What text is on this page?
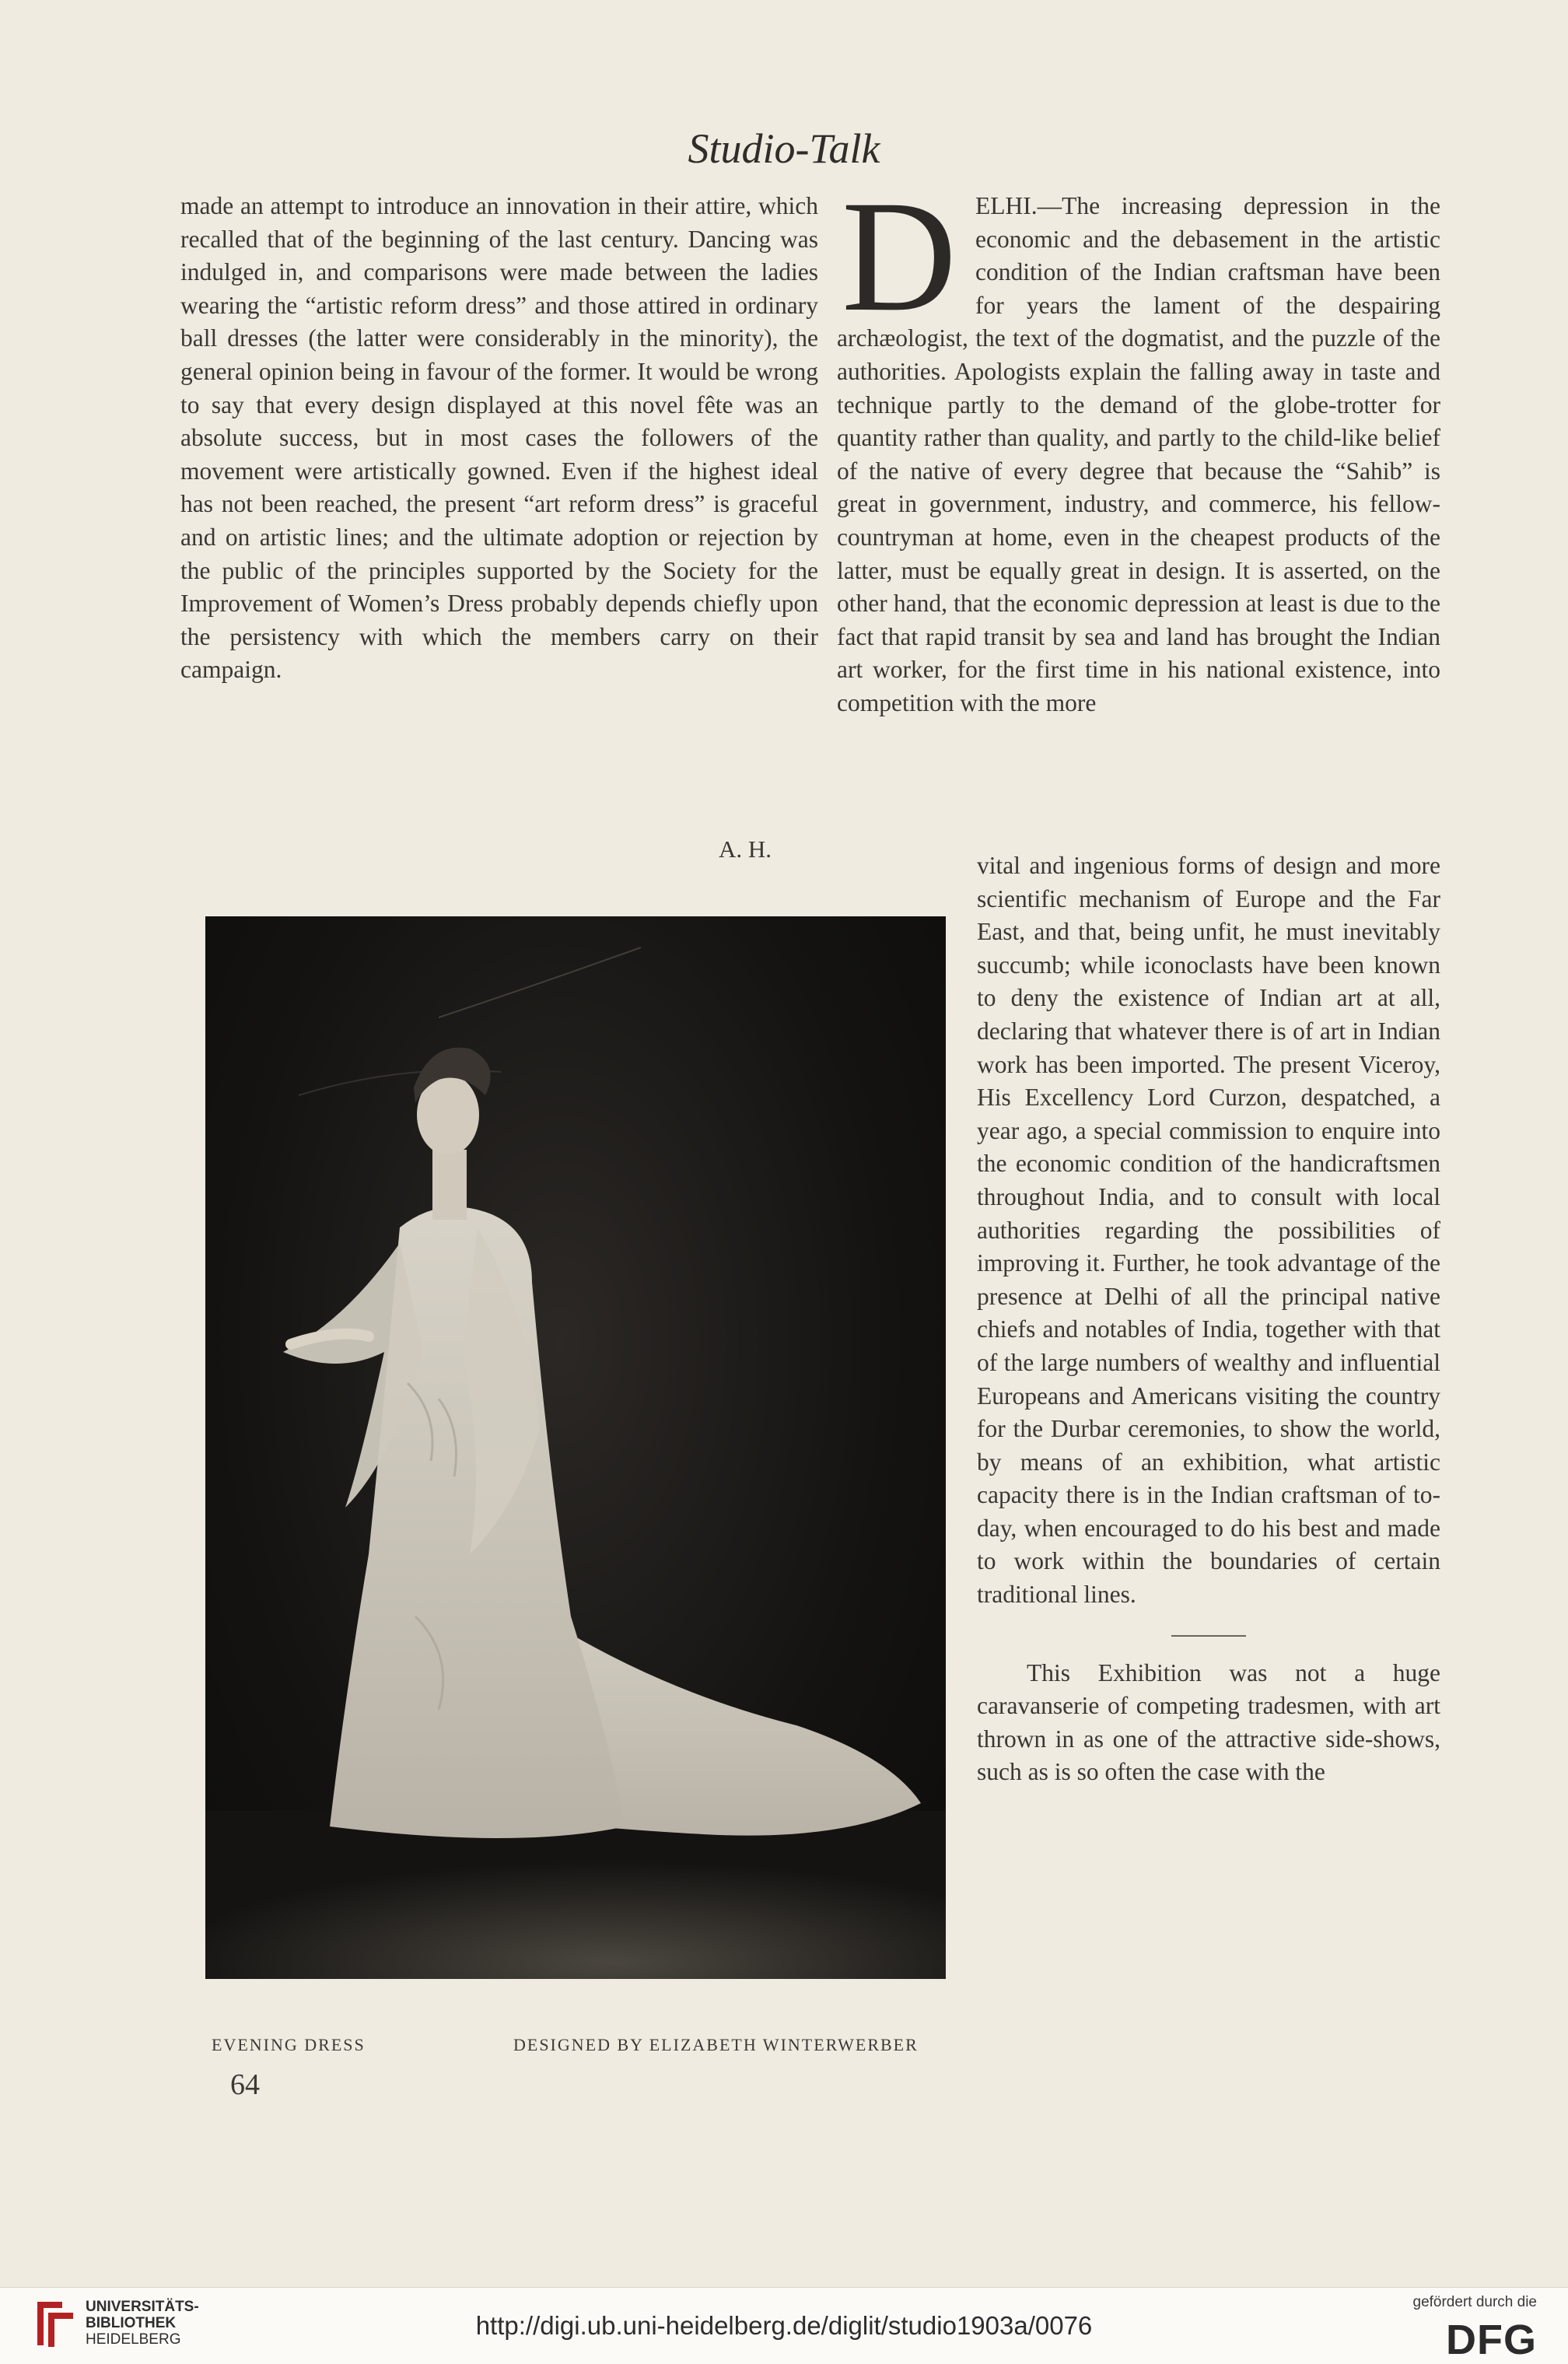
Studio-Talk

made an attempt to introduce an innovation in their attire, which recalled that of the beginning of the last century. Dancing was indulged in, and comparisons were made between the ladies wearing the “artistic reform dress” and those attired in ordinary ball dresses (the latter were considerably in the minority), the general opinion being in favour of the former. It would be wrong to say that every design displayed at this novel fête was an absolute success, but in most cases the followers of the movement were artistically gowned. Even if the highest ideal has not been reached, the present “art reform dress” is graceful and on artistic lines; and the ultimate adoption or rejection by the public of the principles supported by the Society for the Improvement of Women’s Dress probably depends chiefly upon the persistency with which the members carry on their campaign.

A. H.

DELHI.—The increasing depression in the economic and the debasement in the artistic condition of the Indian craftsman have been for years the lament of the despairing archæologist, the text of the dogmatist, and the puzzle of the authorities. Apologists explain the falling away in taste and technique partly to the demand of the globe-trotter for quantity rather than quality, and partly to the child-like belief of the native of every degree that because the “Sahib” is great in government, industry, and commerce, his fellow-countryman at home, even in the cheapest products of the latter, must be equally great in design. It is asserted, on the other hand, that the economic depression at least is due to the fact that rapid transit by sea and land has brought the Indian art worker, for the first time in his national existence, into competition with the more

vital and ingenious forms of design and more scientific mechanism of Europe and the Far East, and that, being unfit, he must inevitably succumb; while iconoclasts have been known to deny the existence of Indian art at all, declaring that whatever there is of art in Indian work has been imported. The present Viceroy, His Excellency Lord Curzon, despatched, a year ago, a special commission to enquire into the economic condition of the handicraftsmen throughout India, and to consult with local authorities regarding the possibilities of improving it. Further, he took advantage of the presence at Delhi of all the principal native chiefs and notables of India, together with that of the large numbers of wealthy and influential Europeans and Americans visiting the country for the Durbar ceremonies, to show the world, by means of an exhibition, what artistic capacity there is in the Indian craftsman of to-day, when encouraged to do his best and made to work within the boundaries of certain traditional lines.

This Exhibition was not a huge caravanserie of competing tradesmen, with art thrown in as one of the attractive side-shows, such as is so often the case with the

EVENING DRESS	DESIGNED BY ELIZABETH WINTERWERBER
64
UNIVERSITÄTS-
BIBLIOTHEK
HEIDELBERG	http://digi.ub.uni-heidelberg.de/diglit/studio1903a/0076
gefördert durch die
DFG
